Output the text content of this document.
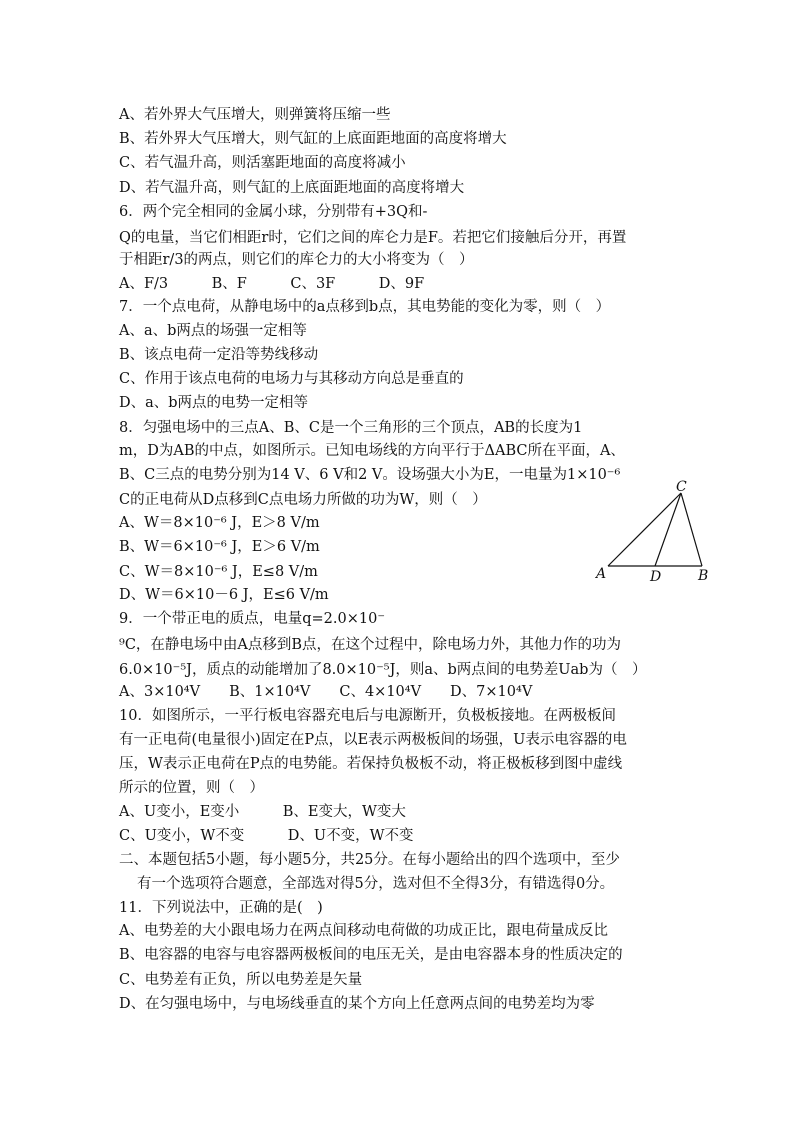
A、若外界大气压增大，则弹簧将压缩一些
B、若外界大气压增大，则气缸的上底面距地面的高度将增大
C、若气温升高，则活塞距地面的高度将减小
D、若气温升高，则气缸的上底面距地面的高度将增大
6．两个完全相同的金属小球，分别带有+3Q和-
Q的电量，当它们相距r时，它们之间的库仑力是F。若把它们接触后分开，再置
于相距r/3的两点，则它们的库仑力的大小将变为（　）
A、F/3　　　B、F　　　C、3F　　　D、9F
7．一个点电荷，从静电场中的a点移到b点，其电势能的变化为零，则（　）
A、a、b两点的场强一定相等
B、该点电荷一定沿等势线移动
C、作用于该点电荷的电场力与其移动方向总是垂直的
D、a、b两点的电势一定相等
8．匀强电场中的三点A、B、C是一个三角形的三个顶点，AB的长度为1
m，D为AB的中点，如图所示。已知电场线的方向平行于ΔABC所在平面，A、
B、C三点的电势分别为14 V、6 V和2 V。设场强大小为E，一电量为1×10⁻⁶
C的正电荷从D点移到C点电场力所做的功为W，则（　）
A、W＝8×10⁻⁶ J，E＞8 V/m
B、W＝6×10⁻⁶ J，E＞6 V/m
C、W＝8×10⁻⁶ J，E≤8 V/m
D、W＝6×10－6 J，E≤6 V/m
9．一个带正电的质点，电量q=2.0×10⁻
⁹C，在静电场中由A点移到B点，在这个过程中，除电场力外，其他力作的功为
6.0×10⁻⁵J，质点的动能增加了8.0×10⁻⁵J，则a、b两点间的电势差Uab为（　）
A、3×10⁴V　　B、1×10⁴V　　C、4×10⁴V　　D、7×10⁴V
10．如图所示，一平行板电容器充电后与电源断开，负极板接地。在两极板间
有一正电荷(电量很小)固定在P点，以E表示两极板间的场强，U表示电容器的电
压，W表示正电荷在P点的电势能。若保持负极板不动，将正极板移到图中虚线
所示的位置，则（　）
A、U变小，E变小　　　B、E变大，W变大
C、U变小，W不变　　　D、U不变，W不变
二、本题包括5小题，每小题5分，共25分。在每小题给出的四个选项中，至少
有一个选项符合题意，全部选对得5分，选对但不全得3分，有错选得0分。
11．下列说法中，正确的是(　)
A、电势差的大小跟电场力在两点间移动电荷做的功成正比，跟电荷量成反比
B、电容器的电容与电容器两极板间的电压无关，是由电容器本身的性质决定的
C、电势差有正负，所以电势差是矢量
D、在匀强电场中，与电场线垂直的某个方向上任意两点间的电势差均为零
A	D	B
C
